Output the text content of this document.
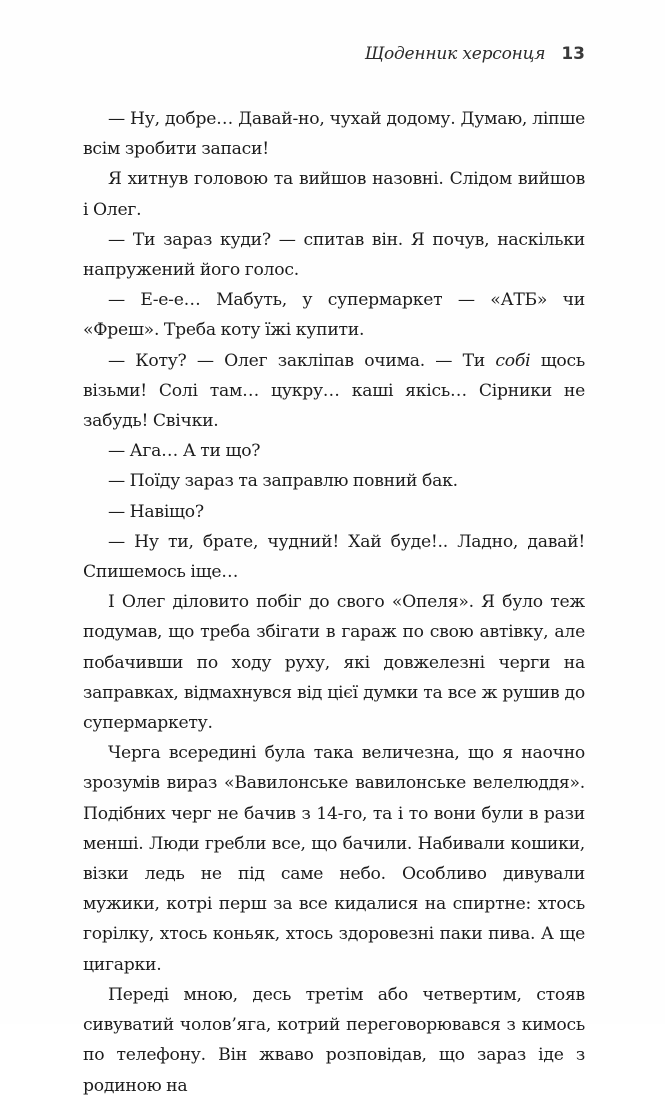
Щоденник херсонця 13

— Ну, добре… Давай-но, чухай додому. Думаю, ліпше всім зробити запаси!

Я хитнув головою та вийшов назовні. Слідом вийшов і Олег.

— Ти зараз куди? — спитав він. Я почув, наскільки напружений його голос.

— Е-е-е… Мабуть, у супермаркет — «АТБ» чи «Фреш». Треба коту їжі купити.

— Коту? — Олег закліпав очима. — Ти собі щось візьми! Солі там… цукру… каші якісь… Сірники не забудь! Свічки.

— Ага… А ти що?

— Поїду зараз та заправлю повний бак.

— Навіщо?

— Ну ти, брате, чудний! Хай буде!.. Ладно, давай! Спишемось іще…

І Олег діловито побіг до свого «Опеля». Я було теж подумав, що треба збігати в гараж по свою автівку, але побачивши по ходу руху, які довжелезні черги на заправках, відмахнувся від цієї думки та все ж рушив до супермаркету.

Черга всередині була така величезна, що я наочно зрозумів вираз «Вавилонське вавилонське велелюддя». Подібних черг не бачив з 14-го, та і то вони були в рази менші. Люди гребли все, що бачили. Набивали кошики, візки ледь не під саме небо. Особливо дивували мужики, котрі перш за все кидалися на спиртне: хтось горілку, хтось коньяк, хтось здоровезні паки пива. А ще цигарки.

Переді мною, десь третім або четвертим, стояв сивуватий чолов’яга, котрий переговорювався з кимось по телефону. Він жваво розповідав, що зараз іде з родиною на
